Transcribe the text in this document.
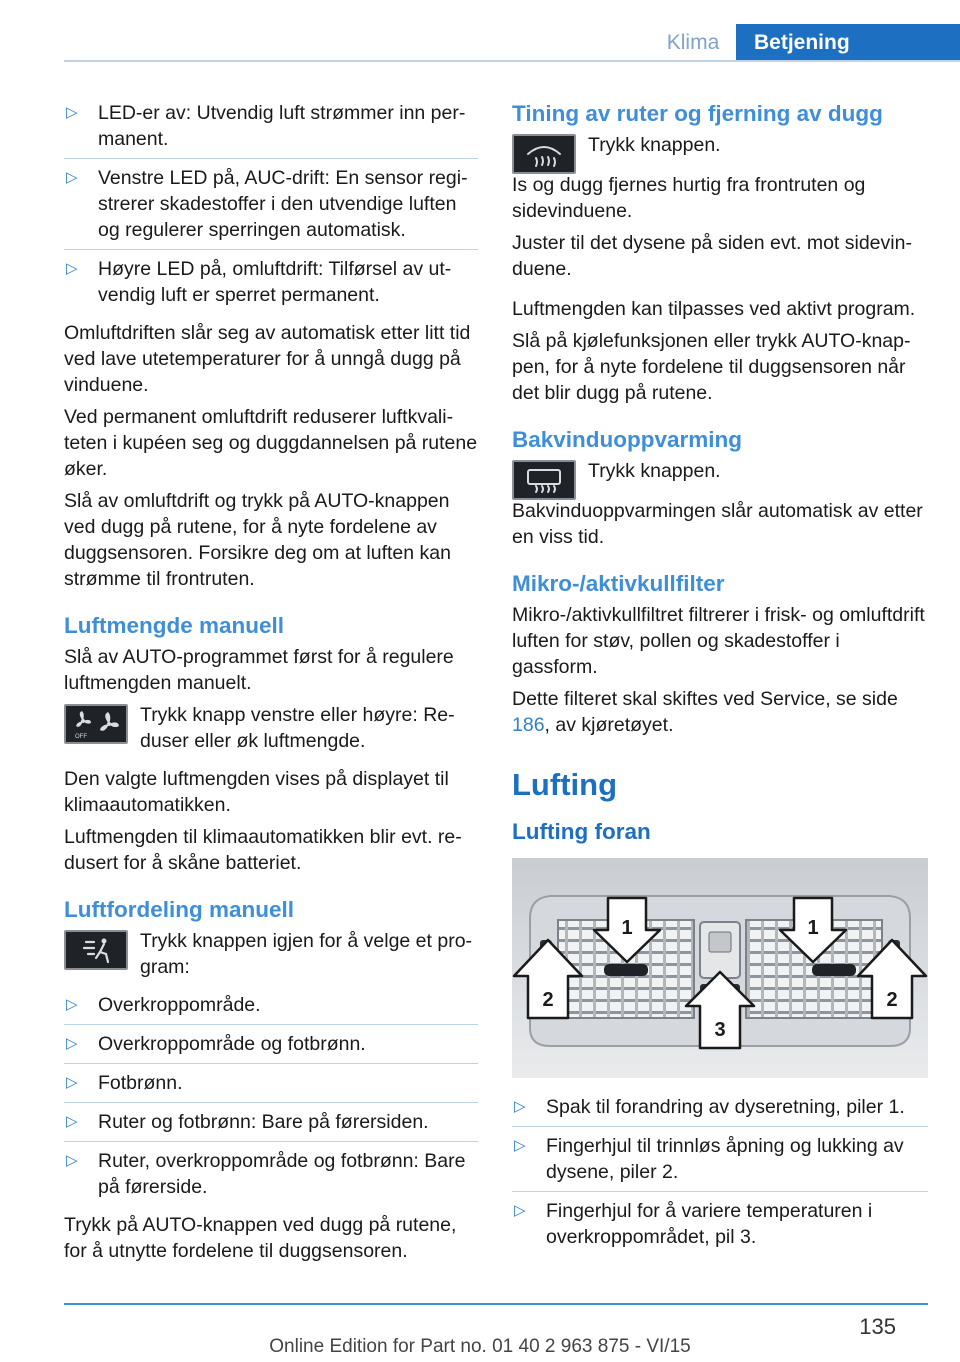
Klima	Betjening
▷ LED-er av: Utvendig luft strømmer inn permanent.
▷ Venstre LED på, AUC-drift: En sensor registrerer skadestoffer i den utvendige luften og regulerer sperringen automatisk.
▷ Høyre LED på, omluftdrift: Tilførsel av utvendig luft er sperret permanent.

Omluftdriften slår seg av automatisk etter litt tid ved lave utetemperaturer for å unngå dugg på vinduene.

Ved permanent omluftdrift reduserer luftkvaliteten i kupéen seg og duggdannelsen på rutene øker.

Slå av omluftdrift og trykk på AUTO-knappen ved dugg på rutene, for å nyte fordelene av duggsensoren. Forsikre deg om at luften kan strømme til frontruten.

Luftmengde manuell

Slå av AUTO-programmet først for å regulere luftmengden manuelt.

OFF

Trykk knapp venstre eller høyre: Reduser eller øk luftmengde.

Den valgte luftmengden vises på displayet til klimaautomatikken.

Luftmengden til klimaautomatikken blir evt. redusert for å skåne batteriet.

Luftfordeling manuell

Trykk knappen igjen for å velge et program:

▷ Overkroppområde.
▷ Overkroppområde og fotbrønn.
▷ Fotbrønn.
▷ Ruter og fotbrønn: Bare på førersiden.
▷ Ruter, overkroppområde og fotbrønn: Bare på førerside.

Trykk på AUTO-knappen ved dugg på rutene, for å utnytte fordelene til duggsensoren.

Tining av ruter og fjerning av dugg

Trykk knappen.

Is og dugg fjernes hurtig fra frontruten og sidevinduene.

Juster til det dysene på siden evt. mot sidevinduene.

Luftmengden kan tilpasses ved aktivt program.

Slå på kjølefunksjonen eller trykk AUTO-knappen, for å nyte fordelene til duggsensoren når det blir dugg på rutene.

Bakvinduoppvarming

Trykk knappen.

Bakvinduoppvarmingen slår automatisk av etter en viss tid.

Mikro-/aktivkullfilter

Mikro-/aktivkullfiltret filtrerer i frisk- og omluftdrift luften for støv, pollen og skadestoffer i gassform.

Dette filteret skal skiftes ved Service, se side 186, av kjøretøyet.

Lufting
Lufting foran
1	1
2	2
3
▷ Spak til forandring av dyseretning, piler 1.
▷ Fingerhjul til trinnløs åpning og lukking av dysene, piler 2.
▷ Fingerhjul for å variere temperaturen i overkroppområdet, pil 3.
135
Online Edition for Part no. 01 40 2 963 875 - VI/15
